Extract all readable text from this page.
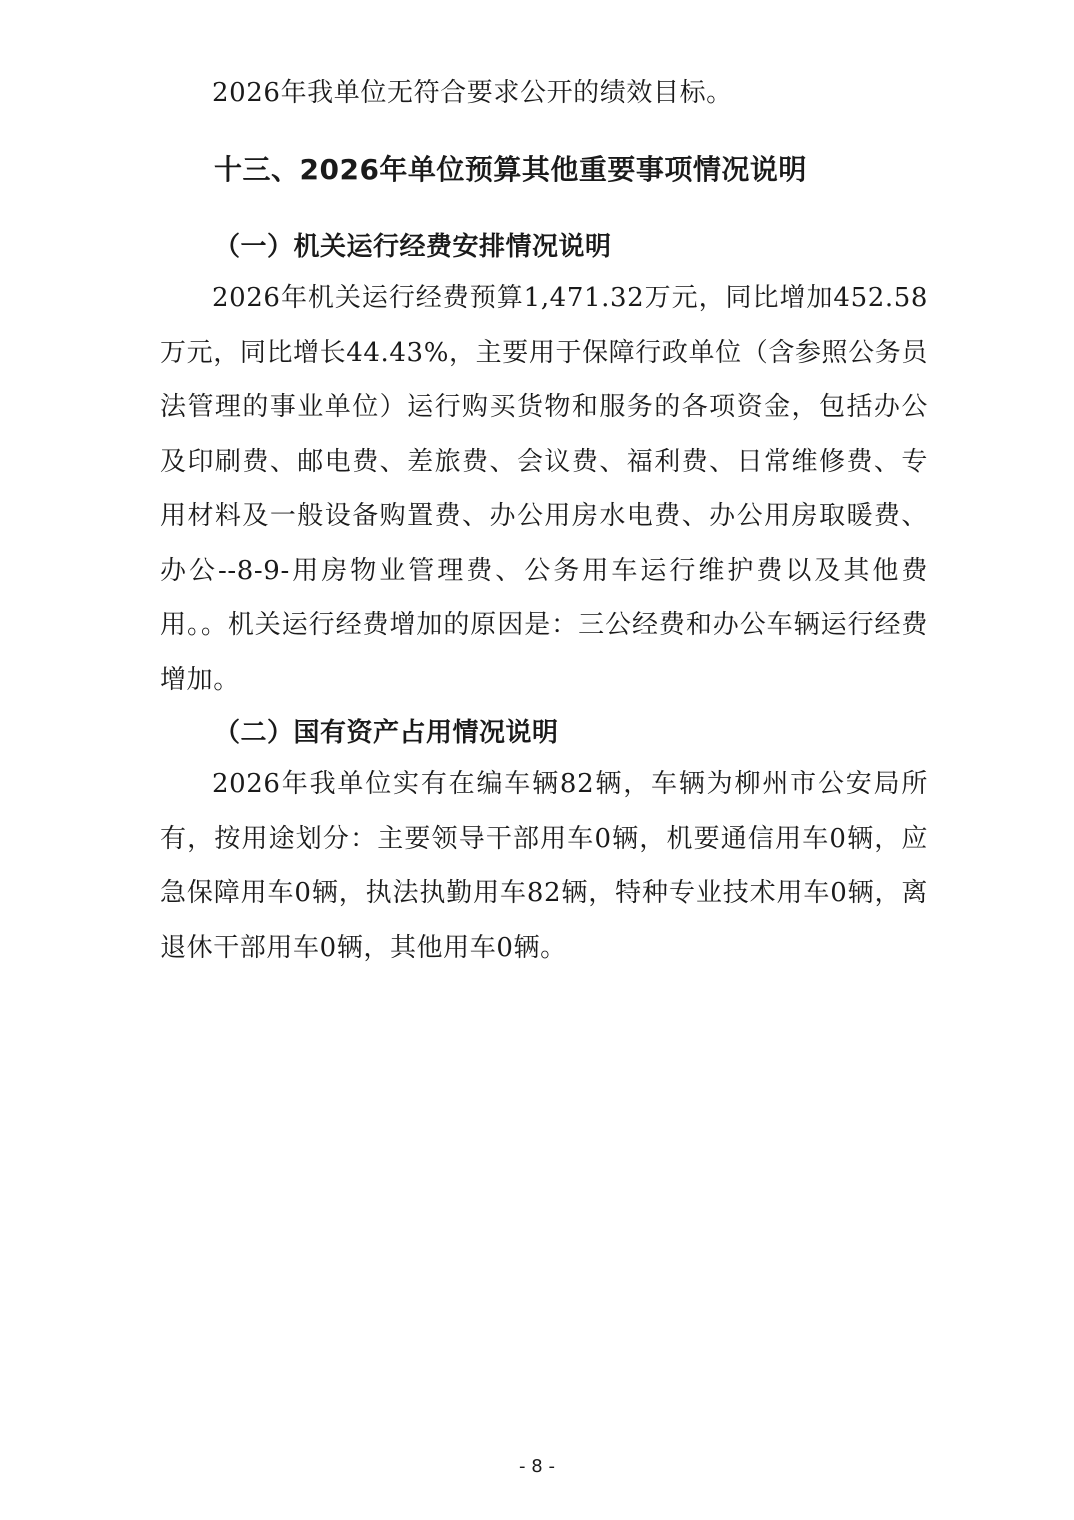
2026年我单位无符合要求公开的绩效目标。

十三、2026年单位预算其他重要事项情况说明
（一）机关运行经费安排情况说明

2026年机关运行经费预算1,471.32万元，同比增加452.58万元，同比增长44.43%，主要用于保障行政单位（含参照公务员法管理的事业单位）运行购买货物和服务的各项资金，包括办公及印刷费、邮电费、差旅费、会议费、福利费、日常维修费、专用材料及一般设备购置费、办公用房水电费、办公用房取暖费、办公--8-9-用房物业管理费、公务用车运行维护费以及其他费用。。机关运行经费增加的原因是：三公经费和办公车辆运行经费增加。

（二）国有资产占用情况说明

2026年我单位实有在编车辆82辆，车辆为柳州市公安局所有，按用途划分：主要领导干部用车0辆，机要通信用车0辆，应急保障用车0辆，执法执勤用车82辆，特种专业技术用车0辆，离退休干部用车0辆，其他用车0辆。

- 8 -
